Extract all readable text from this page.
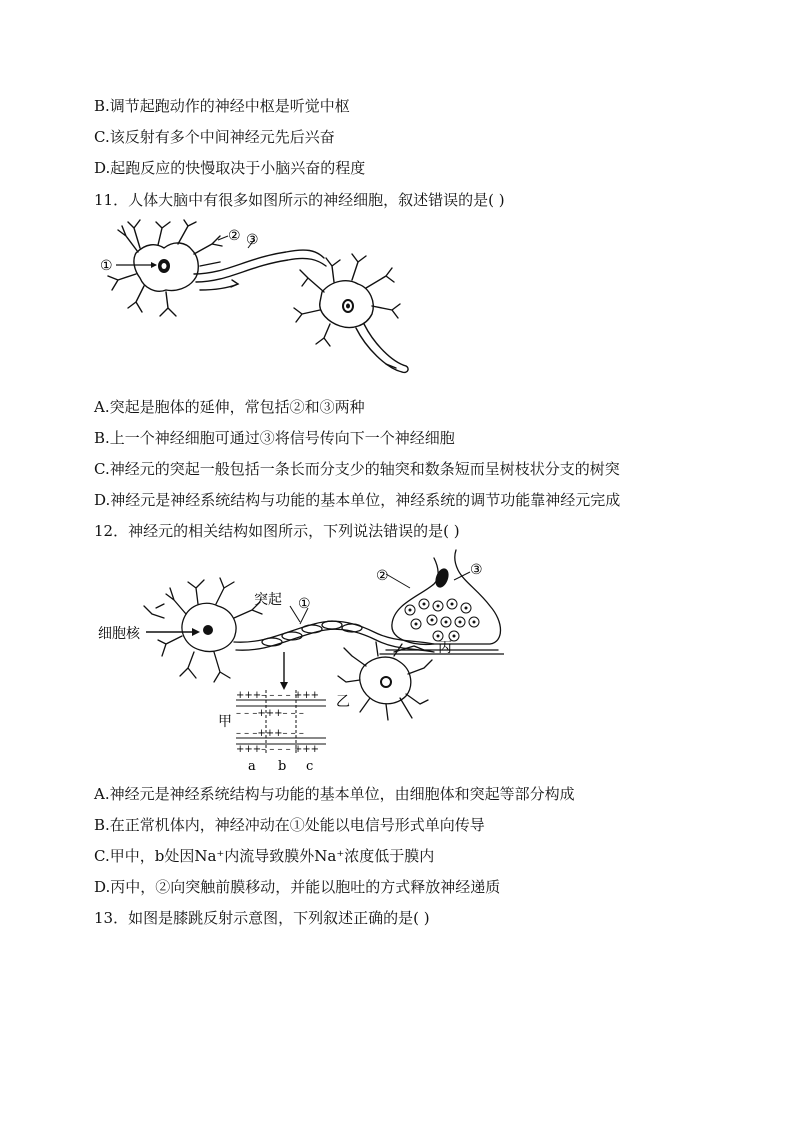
B.调节起跑动作的神经中枢是听觉中枢
C.该反射有多个中间神经元先后兴奋
D.起跑反应的快慢取决于小脑兴奋的程度
11．人体大脑中有很多如图所示的神经细胞，叙述错误的是( )
①
② ③
A.突起是胞体的延伸，常包括②和③两种
B.上一个神经细胞可通过③将信号传向下一个神经细胞
C.神经元的突起一般包括一条长而分支少的轴突和数条短而呈树枝状分支的树突
D.神经元是神经系统结构与功能的基本单位，神经系统的调节功能靠神经元完成
12．神经元的相关结构如图所示，下列说法错误的是( )
+++– – – – +++
– – –+++– – –
– – –+++– – –
+++– – – – +++
细胞核
突起 ①
②	③
甲
乙
丙
a b c
A.神经元是神经系统结构与功能的基本单位，由细胞体和突起等部分构成
B.在正常机体内，神经冲动在①处能以电信号形式单向传导
C.甲中，b处因Na⁺内流导致膜外Na⁺浓度低于膜内
D.丙中，②向突触前膜移动，并能以胞吐的方式释放神经递质
13．如图是膝跳反射示意图，下列叙述正确的是( )
